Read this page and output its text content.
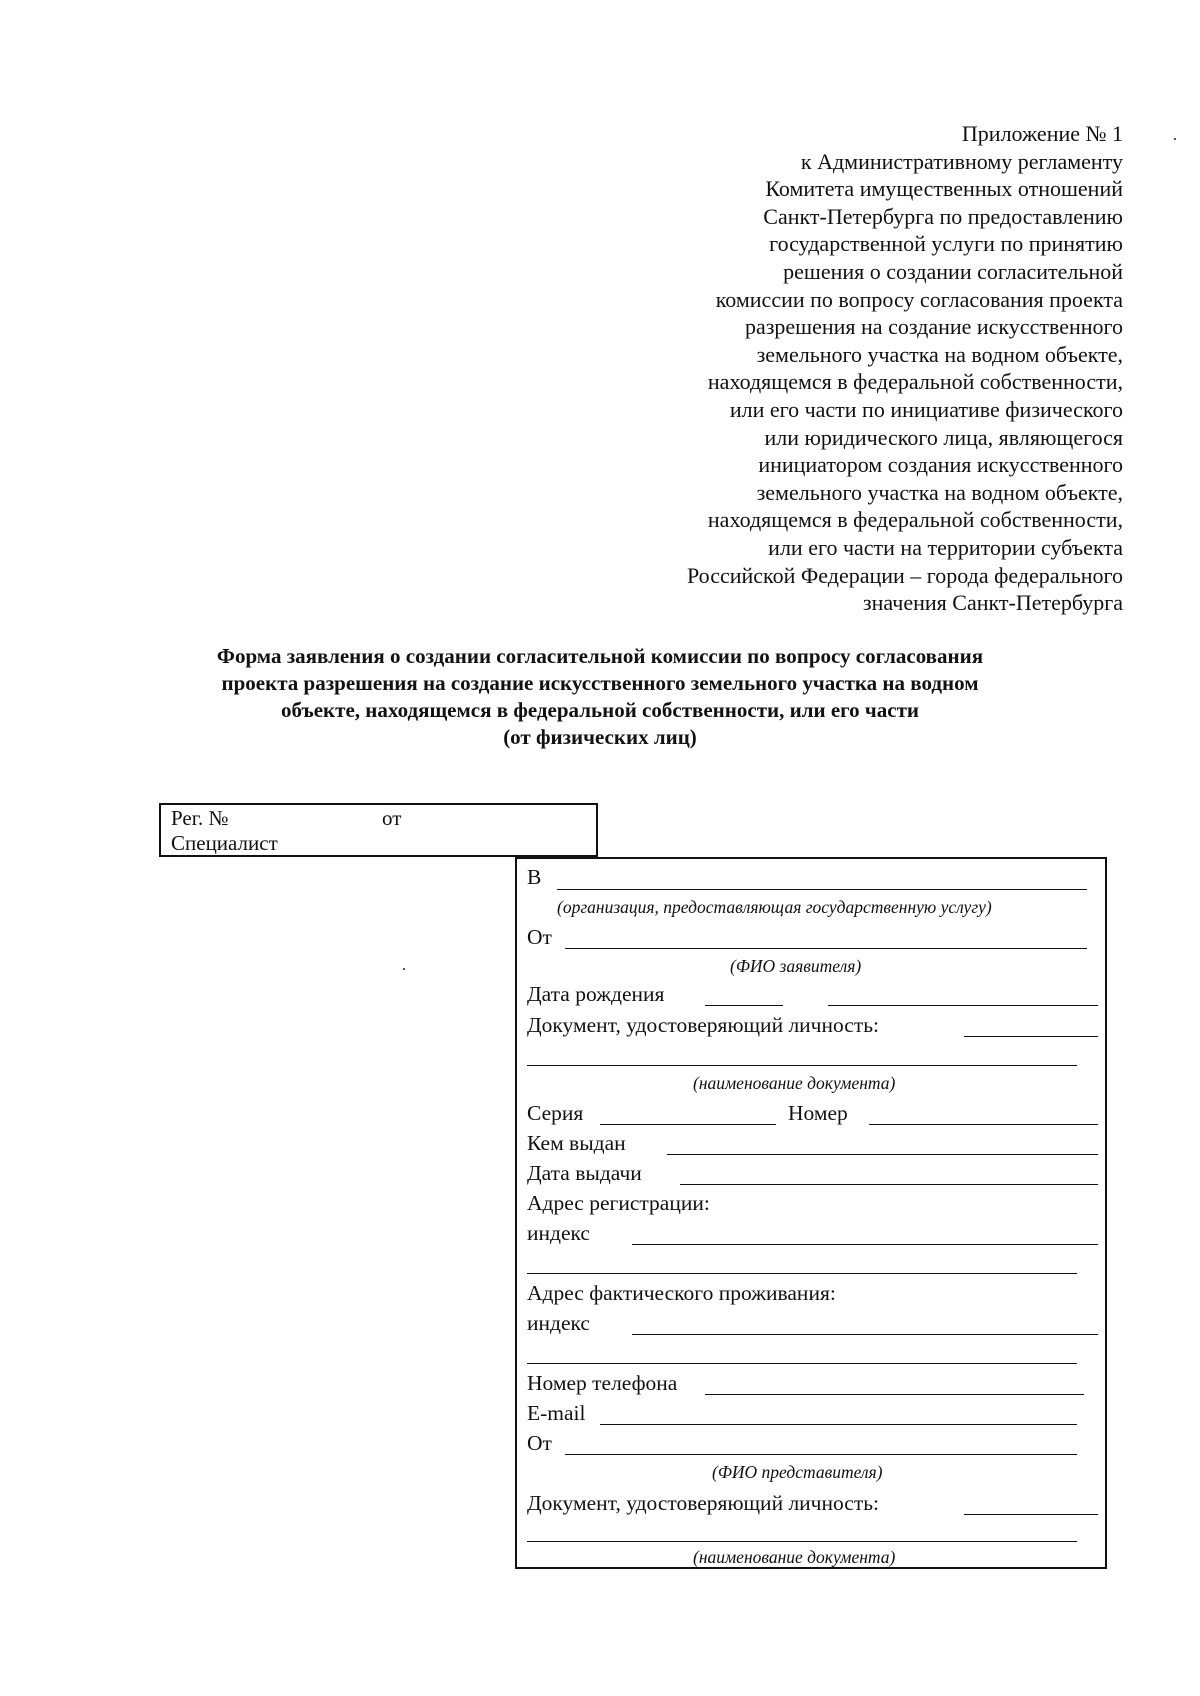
Приложение № 1
к Административному регламенту
Комитета имущественных отношений
Санкт-Петербурга по предоставлению
государственной услуги по принятию
решения о создании согласительной
комиссии по вопросу согласования проекта
разрешения на создание искусственного
земельного участка на водном объекте,
находящемся в федеральной собственности,
или его части по инициативе физического
или юридического лица, являющегося
инициатором создания искусственного
земельного участка на водном объекте,
находящемся в федеральной собственности,
или его части на территории субъекта
Российской Федерации – города федерального
значения Санкт-Петербурга
Форма заявления о создании согласительной комиссии по вопросу согласования
проекта разрешения на создание искусственного земельного участка на водном
объекте, находящемся в федеральной собственности, или его части
(от физических лиц)
Рег. №	от
Специалист
В
(организация, предоставляющая государственную услугу)
От
(ФИО заявителя)
Дата рождения
Документ, удостоверяющий личность:
(наименование документа)
Серия	Номер
Кем выдан
Дата выдачи
Адрес регистрации:
индекс
Адрес фактического проживания:
индекс
Номер телефона
E-mail
От
(ФИО представителя)
Документ, удостоверяющий личность:
(наименование документа)
